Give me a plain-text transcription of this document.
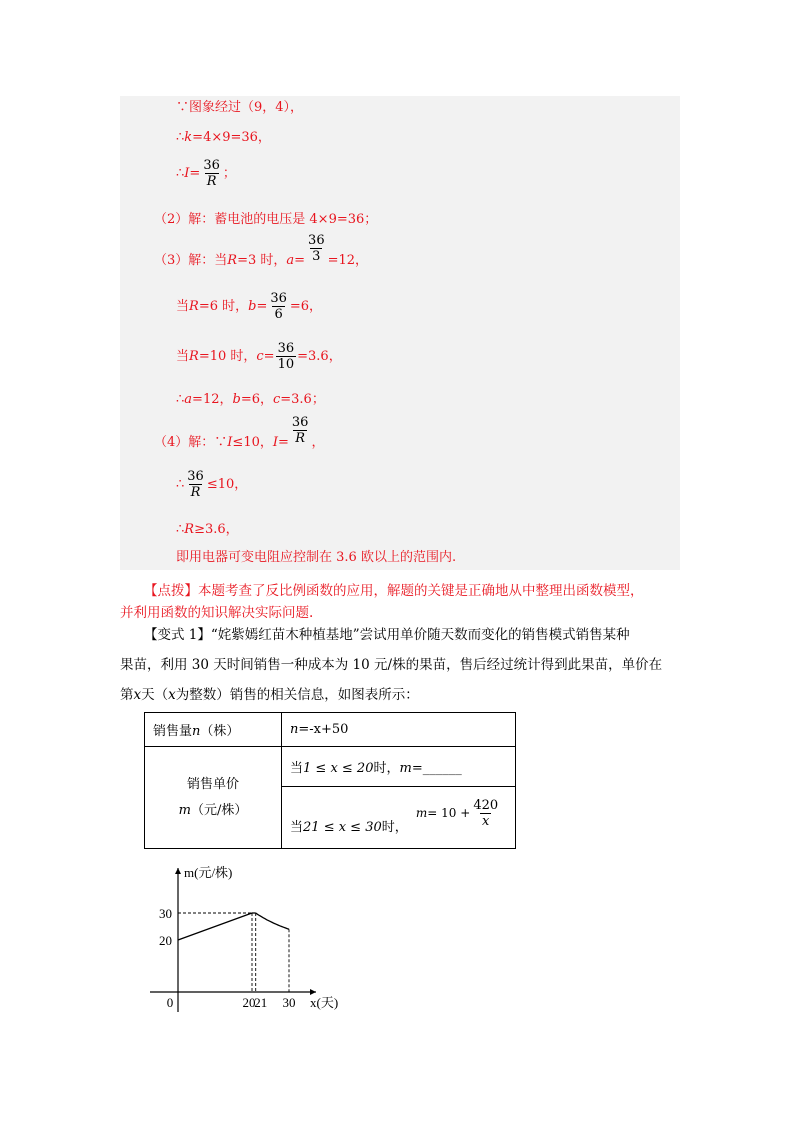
∵图象经过（9，4），
∴k=4×9=36，
∴I= $\frac{36}{R}$ ；
（2）解：蓄电池的电压是 4×9=36；
（3）解：当R=3 时，$a= \frac{36}{3} =12$，
当R=6 时，$b= \frac{36}{6} =6$，
当R=10 时，$c= \frac{36}{10} =3.6$，
∴a=12，b=6，c=3.6；
（4）解：∵I≤10，$I= \frac{36}{R}$ ，
∴ $\frac{36}{R} \le 10$，
∴R≥3.6，
即用电器可变电阻应控制在 3.6 欧以上的范围内.
【点拨】本题考查了反比例函数的应用，解题的关键是正确地从中整理出函数模型，
并利用函数的知识解决实际问题.
【变式 1】“姹紫嫣红苗木种植基地”尝试用单价随天数而变化的销售模式销售某种
果苗，利用 30 天时间销售一种成本为 10 元/株的果苗，售后经过统计得到此果苗，单价在
第x天（x为整数）销售的相关信息，如图表所示：
销售量n（株）	n=-x+50

销售单价
m（元/株）	当1 ≤ x ≤ 20时，m=______
	当21 ≤ x ≤ 30时， $m= 10 + \frac{420}{x}$
m(元/株)
20
30
0	20
21 30 x(天)
